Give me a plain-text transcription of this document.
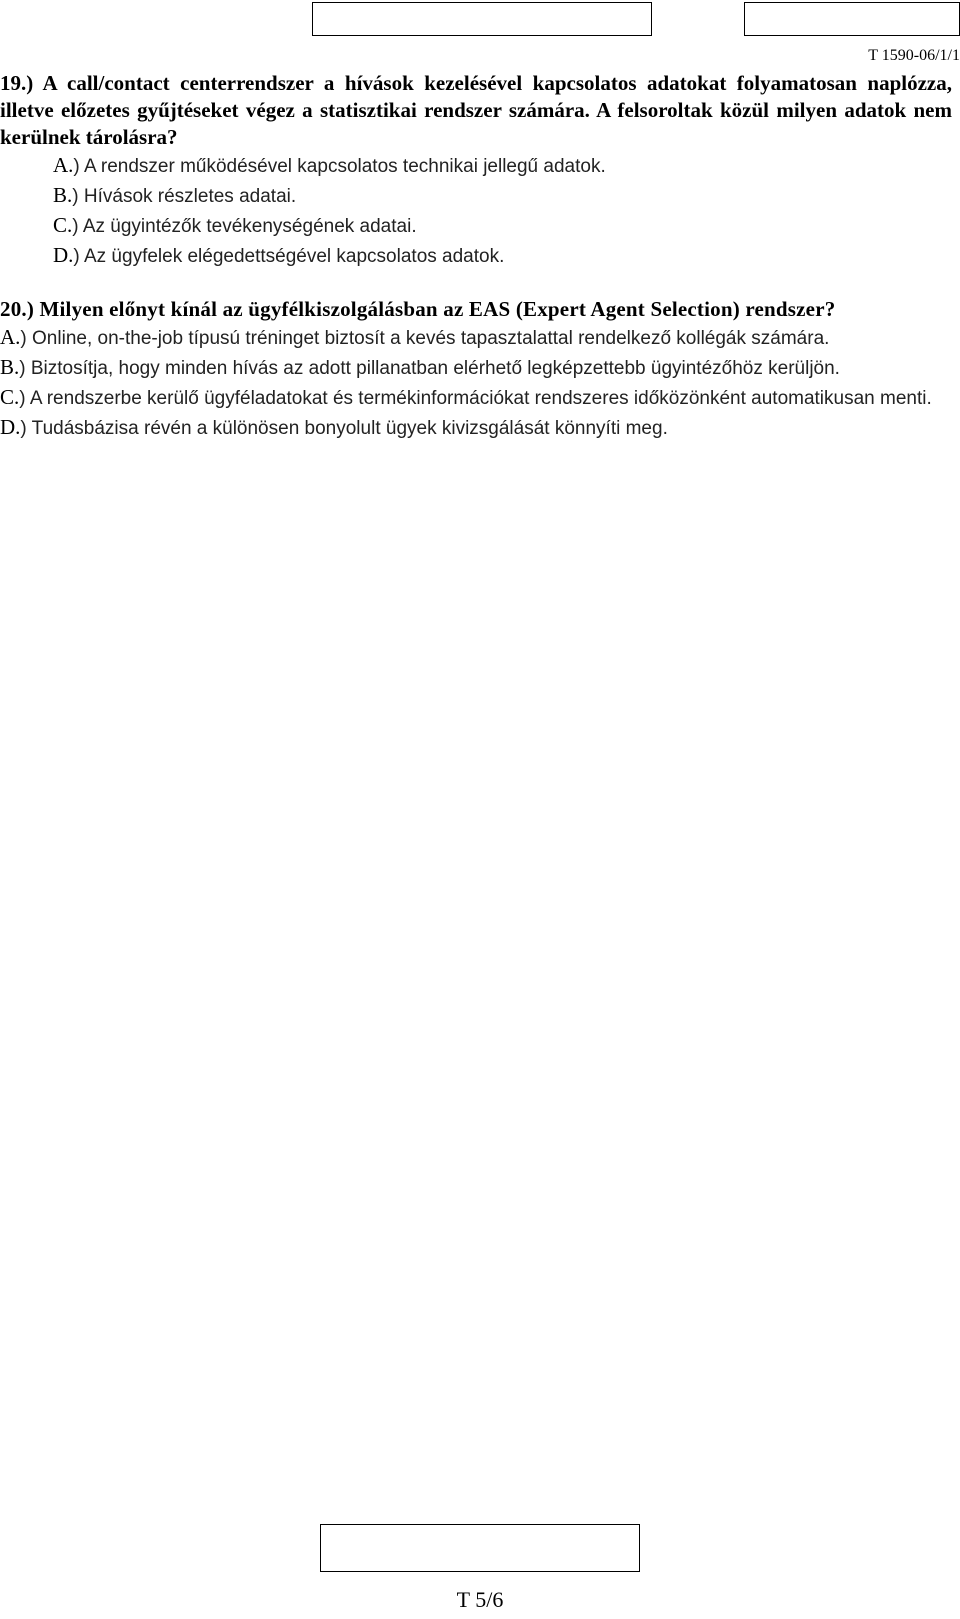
T 1590-06/1/1

19.) A call/contact centerrendszer a hívások kezelésével kapcsolatos adatokat folyamatosan naplózza, illetve előzetes gyűjtéseket végez a statisztikai rendszer számára. A felsoroltak közül milyen adatok nem kerülnek tárolásra?

A.) A rendszer működésével kapcsolatos technikai jellegű adatok.

B.) Hívások részletes adatai.

C.) Az ügyintézők tevékenységének adatai.

D.) Az ügyfelek elégedettségével kapcsolatos adatok.

20.) Milyen előnyt kínál az ügyfélkiszolgálásban az EAS (Expert Agent Selection) rendszer?

A.) Online, on-the-job típusú tréninget biztosít a kevés tapasztalattal rendelkező kollégák számára.

B.) Biztosítja, hogy minden hívás az adott pillanatban elérhető legképzettebb ügyintézőhöz kerüljön.

C.) A rendszerbe kerülő ügyféladatokat és termékinformációkat rendszeres időközönként automatikusan menti.

D.) Tudásbázisa révén a különösen bonyolult ügyek kivizsgálását könnyíti meg.

T 5/6
